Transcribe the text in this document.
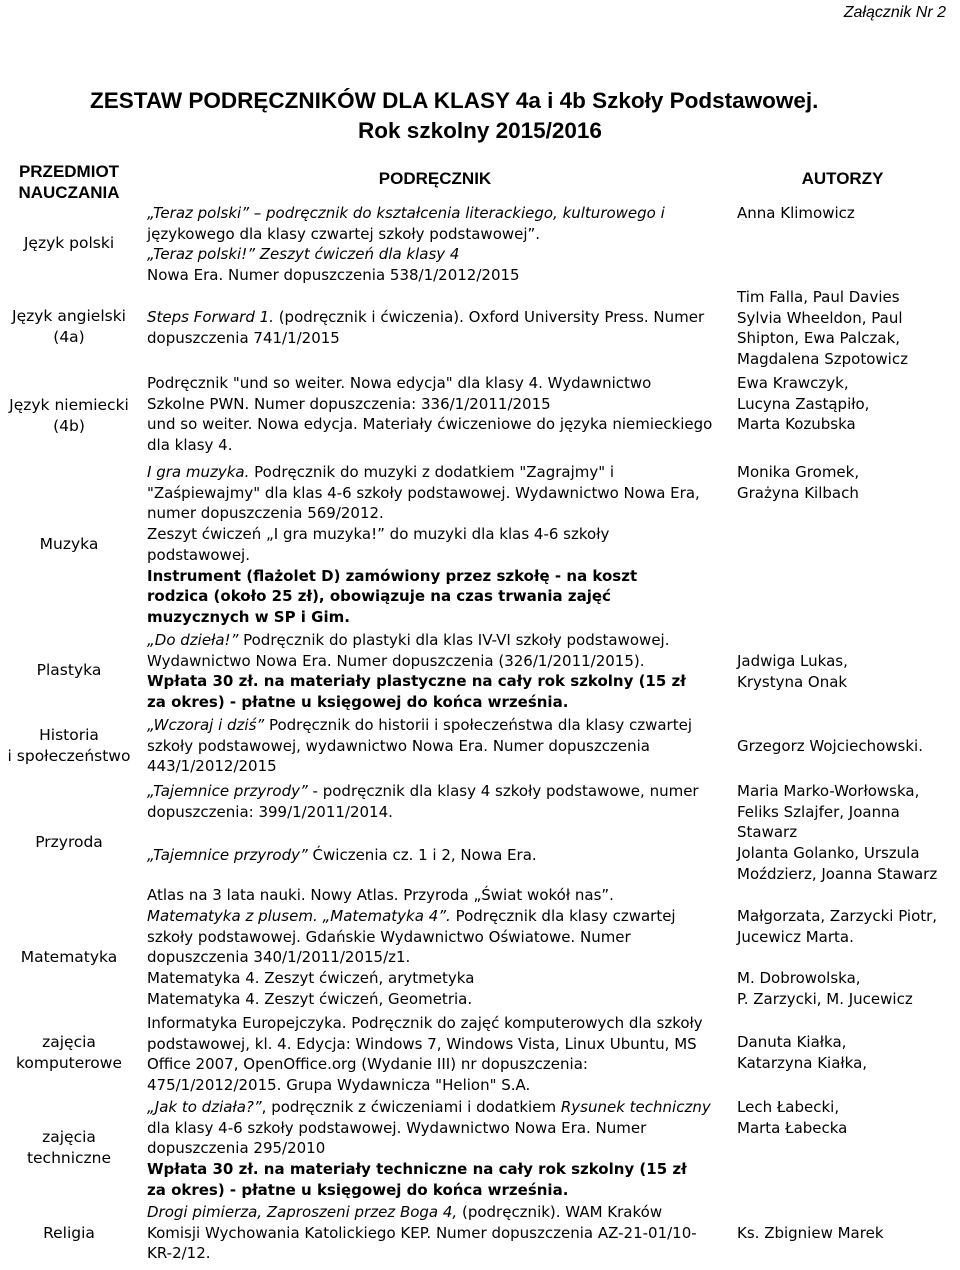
Załącznik Nr 2
ZESTAW PODRĘCZNIKÓW DLA KLASY 4a i 4b Szkoły Podstawowej.
Rok szkolny 2015/2016
PRZEDMIOT
NAUCZANIA
PODRĘCZNIK	AUTORZY
Język polski
Język angielski
(4a)
Język niemiecki
(4b)
Muzyka
Plastyka
Historia
i społeczeństwo
Przyroda
Matematyka
zajęcia
komputerowe
zajęcia
techniczne
Religia
„Teraz polski” – podręcznik do kształcenia literackiego, kulturowego i
językowego dla klasy czwartej szkoły podstawowej”.
„Teraz polski!” Zeszyt ćwiczeń dla klasy 4
Nowa Era. Numer dopuszczenia 538/1/2012/2015
Steps Forward 1. (podręcznik i ćwiczenia). Oxford University Press. Numer
dopuszczenia 741/1/2015
Podręcznik "und so weiter. Nowa edycja" dla klasy 4. Wydawnictwo
Szkolne PWN. Numer dopuszczenia: 336/1/2011/2015
und so weiter. Nowa edycja. Materiały ćwiczeniowe do języka niemieckiego
dla klasy 4.
I gra muzyka. Podręcznik do muzyki z dodatkiem "Zagrajmy" i
"Zaśpiewajmy" dla klas 4-6 szkoły podstawowej. Wydawnictwo Nowa Era,
numer dopuszczenia 569/2012.
Zeszyt ćwiczeń „I gra muzyka!” do muzyki dla klas 4-6 szkoły
podstawowej.
Instrument (flażolet D) zamówiony przez szkołę - na koszt
rodzica (około 25 zł), obowiązuje na czas trwania zajęć
muzycznych w SP i Gim.
„Do dzieła!” Podręcznik do plastyki dla klas IV-VI szkoły podstawowej.
Wydawnictwo Nowa Era. Numer dopuszczenia (326/1/2011/2015).
Wpłata 30 zł. na materiały plastyczne na cały rok szkolny (15 zł
za okres) - płatne u księgowej do końca września.
„Wczoraj i dziś” Podręcznik do historii i społeczeństwa dla klasy czwartej
szkoły podstawowej, wydawnictwo Nowa Era. Numer dopuszczenia
443/1/2012/2015
„Tajemnice przyrody” - podręcznik dla klasy 4 szkoły podstawowe, numer
dopuszczenia: 399/1/2011/2014.
„Tajemnice przyrody” Ćwiczenia cz. 1 i 2, Nowa Era.
Atlas na 3 lata nauki. Nowy Atlas. Przyroda „Świat wokół nas”.
Matematyka z plusem. „Matematyka 4”. Podręcznik dla klasy czwartej
szkoły podstawowej. Gdańskie Wydawnictwo Oświatowe. Numer
dopuszczenia 340/1/2011/2015/z1.
Matematyka 4. Zeszyt ćwiczeń, arytmetyka
Matematyka 4. Zeszyt ćwiczeń, Geometria.
Informatyka Europejczyka. Podręcznik do zajęć komputerowych dla szkoły
podstawowej, kl. 4. Edycja: Windows 7, Windows Vista, Linux Ubuntu, MS
Office 2007, OpenOffice.org (Wydanie III) nr dopuszczenia:
475/1/2012/2015. Grupa Wydawnicza "Helion" S.A.
„Jak to działa?”, podręcznik z ćwiczeniami i dodatkiem Rysunek techniczny
dla klasy 4-6 szkoły podstawowej. Wydawnictwo Nowa Era. Numer
dopuszczenia 295/2010
Wpłata 30 zł. na materiały techniczne na cały rok szkolny (15 zł
za okres) - płatne u księgowej do końca września.
Drogi pimierza, Zaproszeni przez Boga 4, (podręcznik). WAM Kraków
Komisji Wychowania Katolickiego KEP. Numer dopuszczenia AZ-21-01/10-
KR-2/12.
Anna Klimowicz
Tim Falla, Paul Davies
Sylvia Wheeldon, Paul
Shipton, Ewa Palczak,
Magdalena Szpotowicz
Ewa Krawczyk,
Lucyna Zastąpiło,
Marta Kozubska
Monika Gromek,
Grażyna Kilbach
Jadwiga Lukas,
Krystyna Onak
Grzegorz Wojciechowski.
Maria Marko-Worłowska,
Feliks Szlajfer, Joanna
Stawarz
Jolanta Golanko, Urszula
Moździerz, Joanna Stawarz
Małgorzata, Zarzycki Piotr,
Jucewicz Marta.
M. Dobrowolska,
P. Zarzycki, M. Jucewicz
Danuta Kiałka,
Katarzyna Kiałka,
Lech Łabecki,
Marta Łabecka
Ks. Zbigniew Marek
